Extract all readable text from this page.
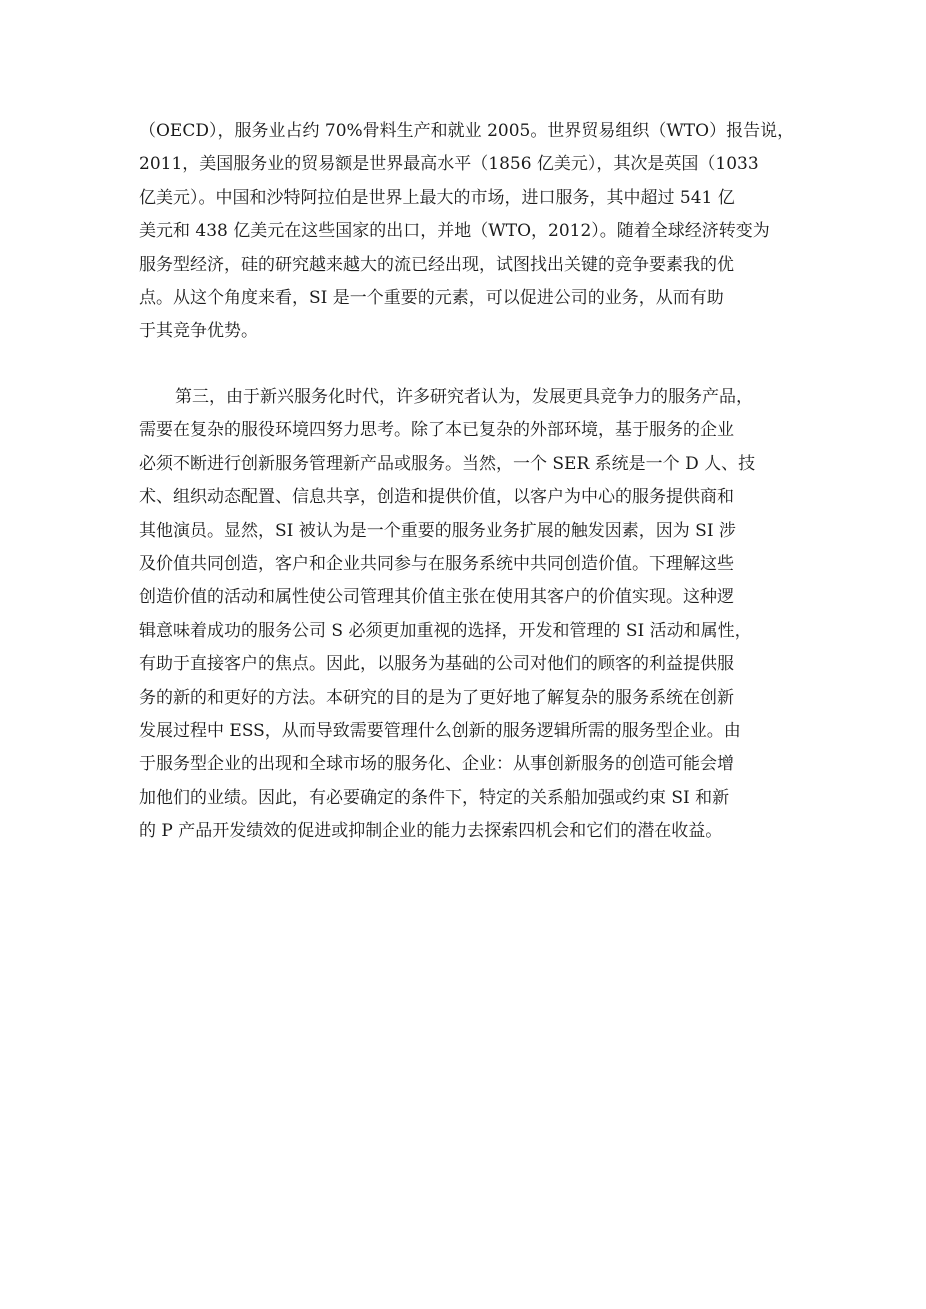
（OECD），服务业占约 70%骨料生产和就业 2005。世界贸易组织（WTO）报告说，
2011，美国服务业的贸易额是世界最高水平（1856 亿美元），其次是英国（1033
亿美元）。中国和沙特阿拉伯是世界上最大的市场，进口服务，其中超过 541 亿
美元和 438 亿美元在这些国家的出口，并地（WTO，2012）。随着全球经济转变为
服务型经济，硅的研究越来越大的流已经出现，试图找出关键的竞争要素我的优
点。从这个角度来看，SI 是一个重要的元素，可以促进公司的业务，从而有助
于其竞争优势。
第三，由于新兴服务化时代，许多研究者认为，发展更具竞争力的服务产品，
需要在复杂的服役环境四努力思考。除了本已复杂的外部环境，基于服务的企业
必须不断进行创新服务管理新产品或服务。当然，一个 SER 系统是一个 D 人、技
术、组织动态配置、信息共享，创造和提供价值，以客户为中心的服务提供商和
其他演员。显然，SI 被认为是一个重要的服务业务扩展的触发因素，因为 SI 涉
及价值共同创造，客户和企业共同参与在服务系统中共同创造价值。下理解这些
创造价值的活动和属性使公司管理其价值主张在使用其客户的价值实现。这种逻
辑意味着成功的服务公司 S 必须更加重视的选择，开发和管理的 SI 活动和属性，
有助于直接客户的焦点。因此，以服务为基础的公司对他们的顾客的利益提供服
务的新的和更好的方法。本研究的目的是为了更好地了解复杂的服务系统在创新
发展过程中 ESS，从而导致需要管理什么创新的服务逻辑所需的服务型企业。由
于服务型企业的出现和全球市场的服务化、企业：从事创新服务的创造可能会增
加他们的业绩。因此，有必要确定的条件下，特定的关系船加强或约束 SI 和新
的 P 产品开发绩效的促进或抑制企业的能力去探索四机会和它们的潜在收益。
